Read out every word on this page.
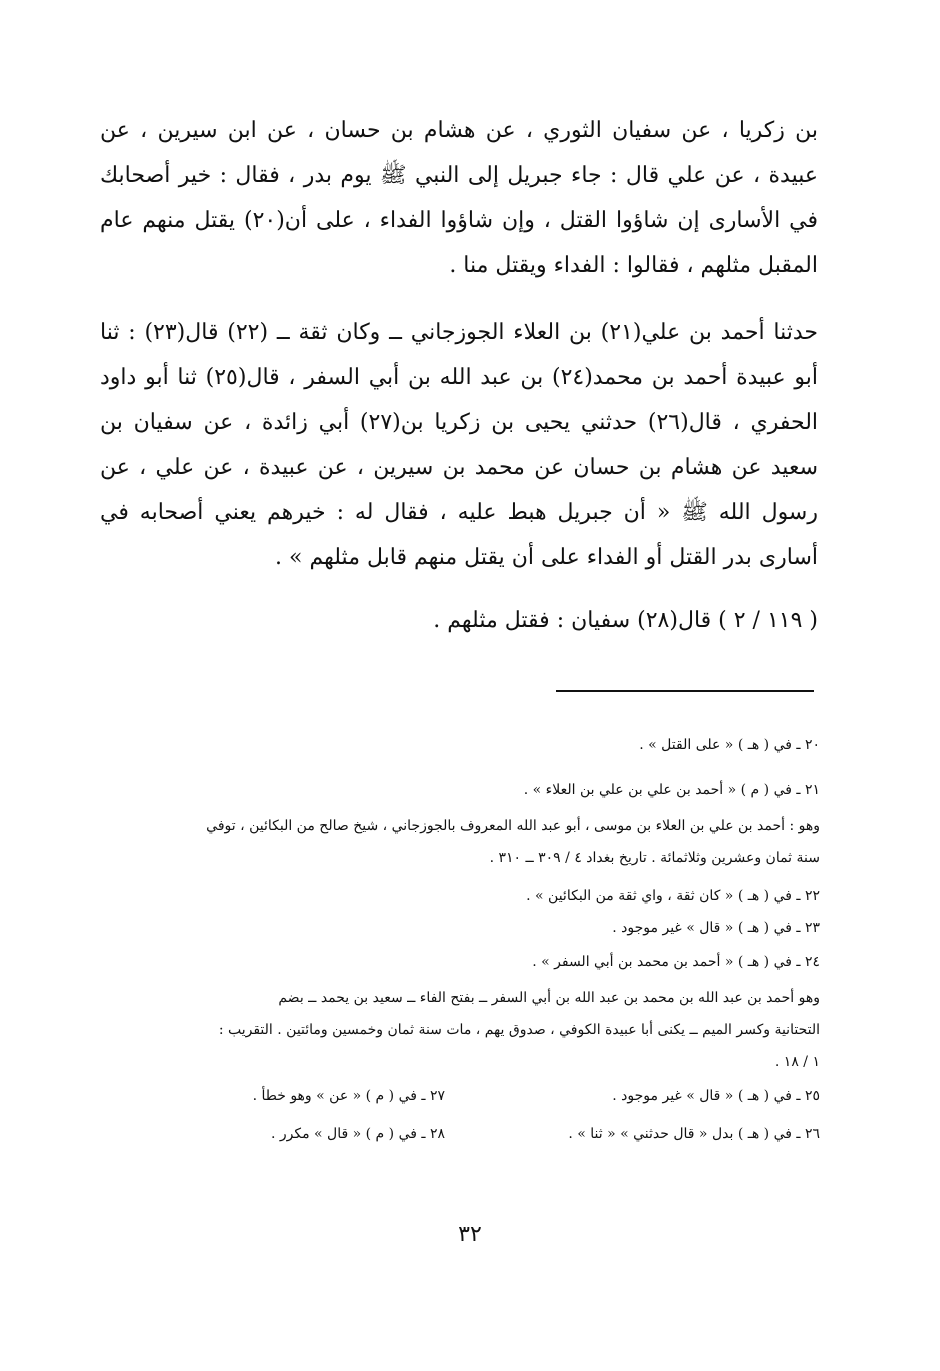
بن زكريا ، عن سفيان الثوري ، عن هشام بن حسان ، عن ابن سيرين ، عن عبيدة ، عن علي قال : جاء جبريل إلى النبي ﷺ يوم بدر ، فقال : خير أصحابك في الأسارى إن شاؤوا القتل ، وإن شاؤوا الفداء ، على أن(٢٠) يقتل منهم عام المقبل مثلهم ، فقالوا : الفداء ويقتل منا .

حدثنا أحمد بن علي(٢١) بن العلاء الجوزجاني ــ وكان ثقة ــ (٢٢) قال(٢٣) : ثنا أبو عبيدة أحمد بن محمد(٢٤) بن عبد الله بن أبي السفر ، قال(٢٥) ثنا أبو داود الحفري ، قال(٢٦) حدثني يحيى بن زكريا بن(٢٧) أبي زائدة ، عن سفيان بن سعيد عن هشام بن حسان عن محمد بن سيرين ، عن عبيدة ، عن علي ، عن رسول الله ﷺ « أن جبريل هبط عليه ، فقال له : خيرهم يعني أصحابه في أسارى بدر القتل أو الفداء على أن يقتل منهم قابل مثلهم » .

( ١١٩ / ٢ ) قال(٢٨) سفيان : فقتل مثلهم .

٢٠ ـ في ( هـ ) « على القتل » .
٢١ ـ في ( م ) « أحمد بن علي بن علي بن العلاء » .
وهو : أحمد بن علي بن العلاء بن موسى ، أبو عبد الله المعروف بالجوزجاني ، شيخ صالح من البكائين ، توفي
سنة ثمان وعشرين وثلاثمائة . تاريخ بغداد ٤ / ٣٠٩ ــ ٣١٠ .
٢٢ ـ في ( هـ ) « كان ثقة ، واي ثقة من البكائين » .
٢٣ ـ في ( هـ ) « قال » غير موجود .
٢٤ ـ في ( هـ ) « أحمد بن محمد بن أبي السفر » .
وهو أحمد بن عبد الله بن محمد بن عبد الله بن أبي السفر ــ بفتح الفاء ــ سعيد بن يحمد ــ بضم
التحتانية وكسر الميم ــ يكنى أبا عبيدة الكوفي ، صدوق يهم ، مات سنة ثمان وخمسين ومائتين . التقريب :
١ / ١٨ .
٢٥ ـ في ( هـ ) « قال » غير موجود .
٢٧ ـ في ( م ) « عن » وهو خطأ .
٢٦ ـ في ( هـ ) بدل « قال حدثني » « ثنا » .
٢٨ ـ في ( م ) « قال » مكرر .
٣٢
